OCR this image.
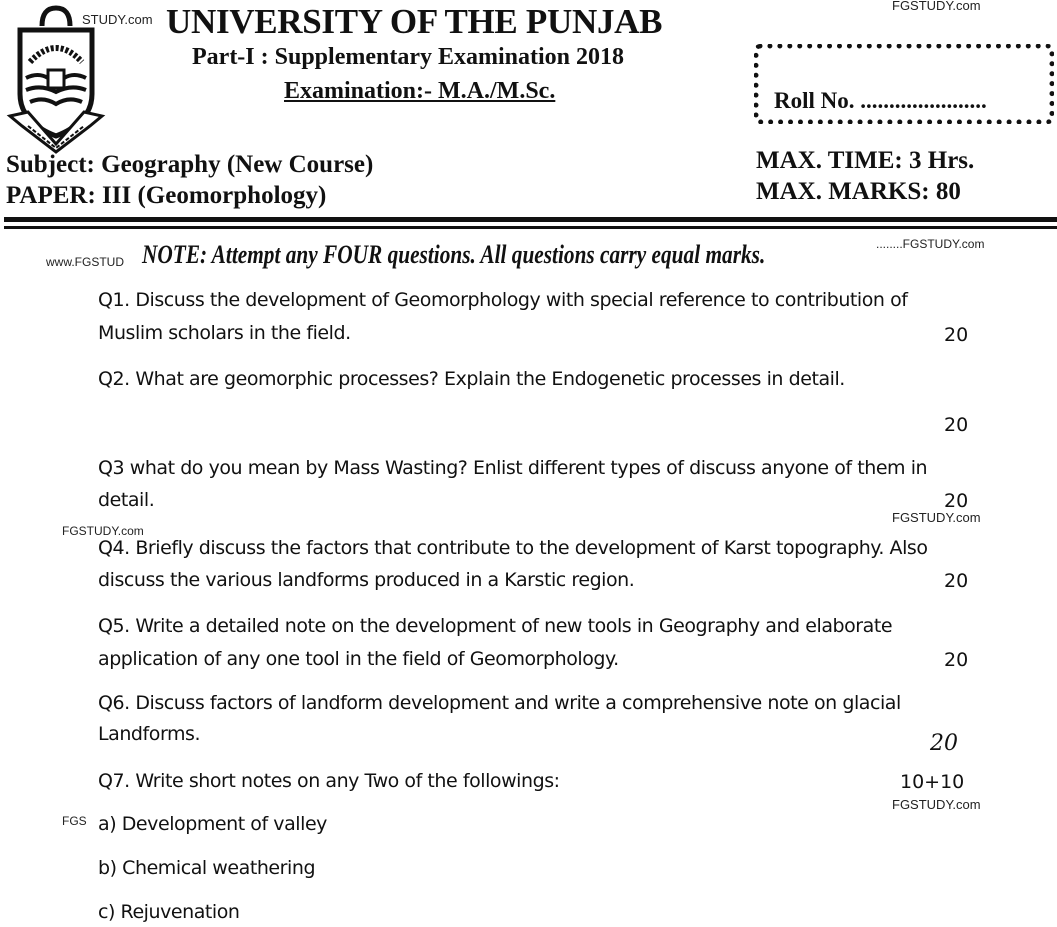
STUDY.com
FGSTUDY.com
UNIVERSITY OF THE PUNJAB
Part-I : Supplementary Examination 2018
Examination:- M.A./M.Sc.	Roll No. ......................
Subject: Geography (New Course)
PAPER: III (Geomorphology)
MAX. TIME: 3 Hrs.
MAX. MARKS: 80
www.FGSTUD NOTE: Attempt any FOUR questions. All questions carry equal marks.	........FGSTUDY.com
Q1. Discuss the development of Geomorphology with special reference to contribution of
Muslim scholars in the field.	20
Q2. What are geomorphic processes? Explain the Endogenetic processes in detail.
20
Q3 what do you mean by Mass Wasting? Enlist different types of discuss anyone of them in
detail.	20
FGSTUDY.com
FGSTUDY.com
Q4. Briefly discuss the factors that contribute to the development of Karst topography. Also
discuss the various landforms produced in a Karstic region.	20
Q5. Write a detailed note on the development of new tools in Geography and elaborate
application of any one tool in the field of Geomorphology.	20
Q6. Discuss factors of landform development and write a comprehensive note on glacial
Landforms.	20
Q7. Write short notes on any Two of the followings:	10+10
FGSTUDY.com
FGS a) Development of valley
b) Chemical weathering
c) Rejuvenation
